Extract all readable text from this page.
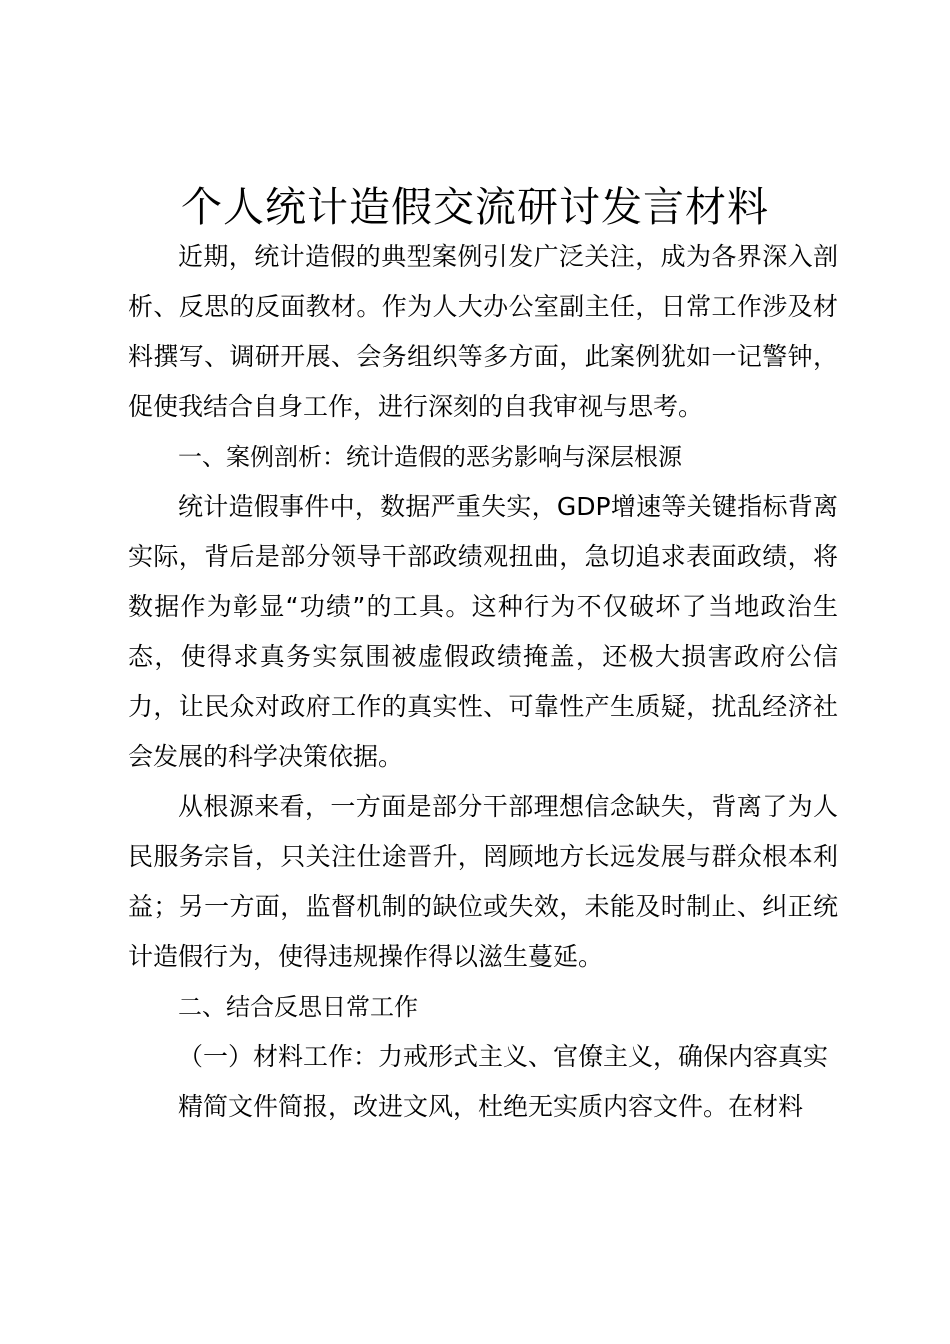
个人统计造假交流研讨发言材料

近期，统计造假的典型案例引发广泛关注，成为各界深入剖析、反思的反面教材。作为人大办公室副主任，日常工作涉及材料撰写、调研开展、会务组织等多方面，此案例犹如一记警钟，促使我结合自身工作，进行深刻的自我审视与思考。

一、案例剖析：统计造假的恶劣影响与深层根源

统计造假事件中，数据严重失实，GDP增速等关键指标背离实际，背后是部分领导干部政绩观扭曲，急切追求表面政绩，将数据作为彰显“功绩”的工具。这种行为不仅破坏了当地政治生态，使得求真务实氛围被虚假政绩掩盖，还极大损害政府公信力，让民众对政府工作的真实性、可靠性产生质疑，扰乱经济社会发展的科学决策依据。

从根源来看，一方面是部分干部理想信念缺失，背离了为人民服务宗旨，只关注仕途晋升，罔顾地方长远发展与群众根本利益；另一方面，监督机制的缺位或失效，未能及时制止、纠正统计造假行为，使得违规操作得以滋生蔓延。

二、结合反思日常工作

（一）材料工作：力戒形式主义、官僚主义，确保内容真实

精简文件简报，改进文风，杜绝无实质内容文件。在材料
